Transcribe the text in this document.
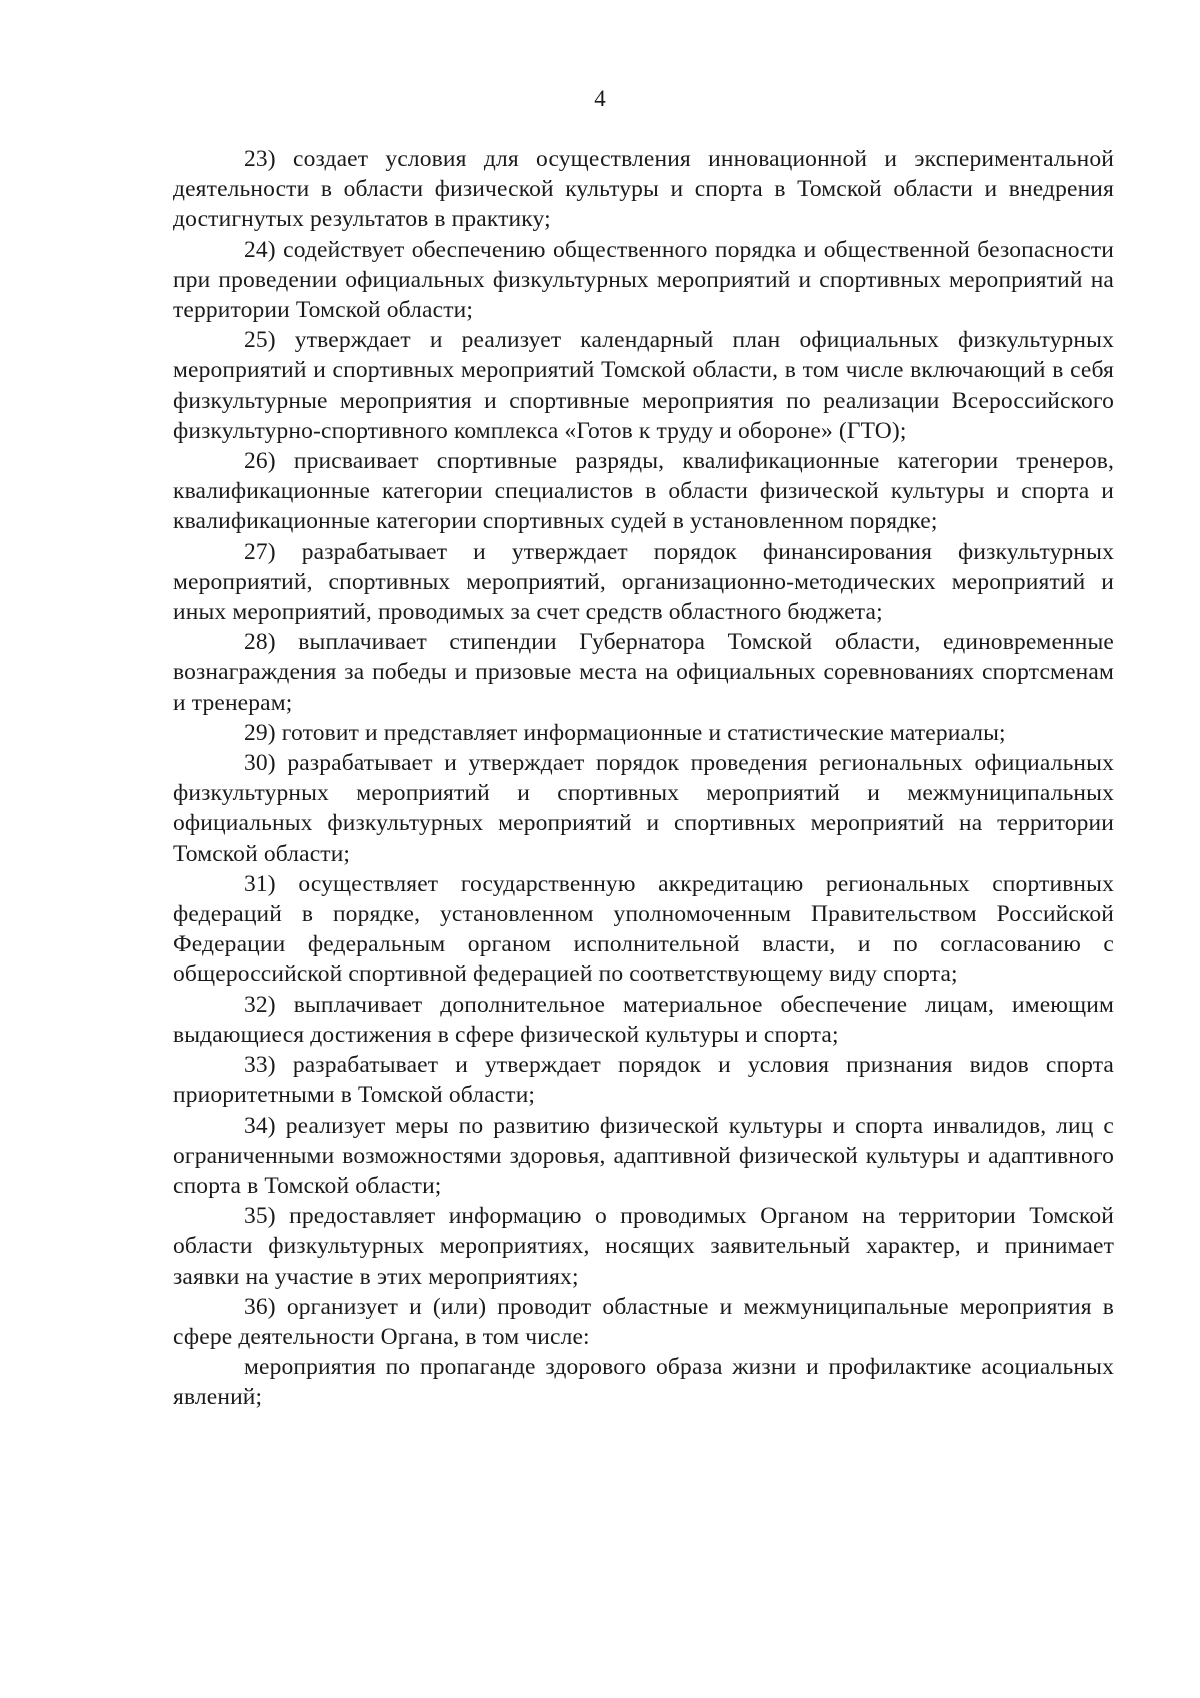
4

23) создает условия для осуществления инновационной и экспериментальной деятельности в области физической культуры и спорта в Томской области и внедрения достигнутых результатов в практику;

24) содействует обеспечению общественного порядка и общественной безопасности при проведении официальных физкультурных мероприятий и спортивных мероприятий на территории Томской области;

25) утверждает и реализует календарный план официальных физкультурных мероприятий и спортивных мероприятий Томской области, в том числе включающий в себя физкультурные мероприятия и спортивные мероприятия по реализации Всероссийского физкультурно-спортивного комплекса «Готов к труду и обороне» (ГТО);

26) присваивает спортивные разряды, квалификационные категории тренеров, квалификационные категории специалистов в области физической культуры и спорта и квалификационные категории спортивных судей в установленном порядке;

27) разрабатывает и утверждает порядок финансирования физкультурных мероприятий, спортивных мероприятий, организационно-методических мероприятий и иных мероприятий, проводимых за счет средств областного бюджета;

28) выплачивает стипендии Губернатора Томской области, единовременные вознаграждения за победы и призовые места на официальных соревнованиях спортсменам и тренерам;

29) готовит и представляет информационные и статистические материалы;

30) разрабатывает и утверждает порядок проведения региональных официальных физкультурных мероприятий и спортивных мероприятий и межмуниципальных официальных физкультурных мероприятий и спортивных мероприятий на территории Томской области;

31) осуществляет государственную аккредитацию региональных спортивных федераций в порядке, установленном уполномоченным Правительством Российской Федерации федеральным органом исполнительной власти, и по согласованию с общероссийской спортивной федерацией по соответствующему виду спорта;

32) выплачивает дополнительное материальное обеспечение лицам, имеющим выдающиеся достижения в сфере физической культуры и спорта;

33) разрабатывает и утверждает порядок и условия признания видов спорта приоритетными в Томской области;

34) реализует меры по развитию физической культуры и спорта инвалидов, лиц с ограниченными возможностями здоровья, адаптивной физической культуры и адаптивного спорта в Томской области;

35) предоставляет информацию о проводимых Органом на территории Томской области физкультурных мероприятиях, носящих заявительный характер, и принимает заявки на участие в этих мероприятиях;

36) организует и (или) проводит областные и межмуниципальные мероприятия в сфере деятельности Органа, в том числе:

мероприятия по пропаганде здорового образа жизни и профилактике асоциальных явлений;
